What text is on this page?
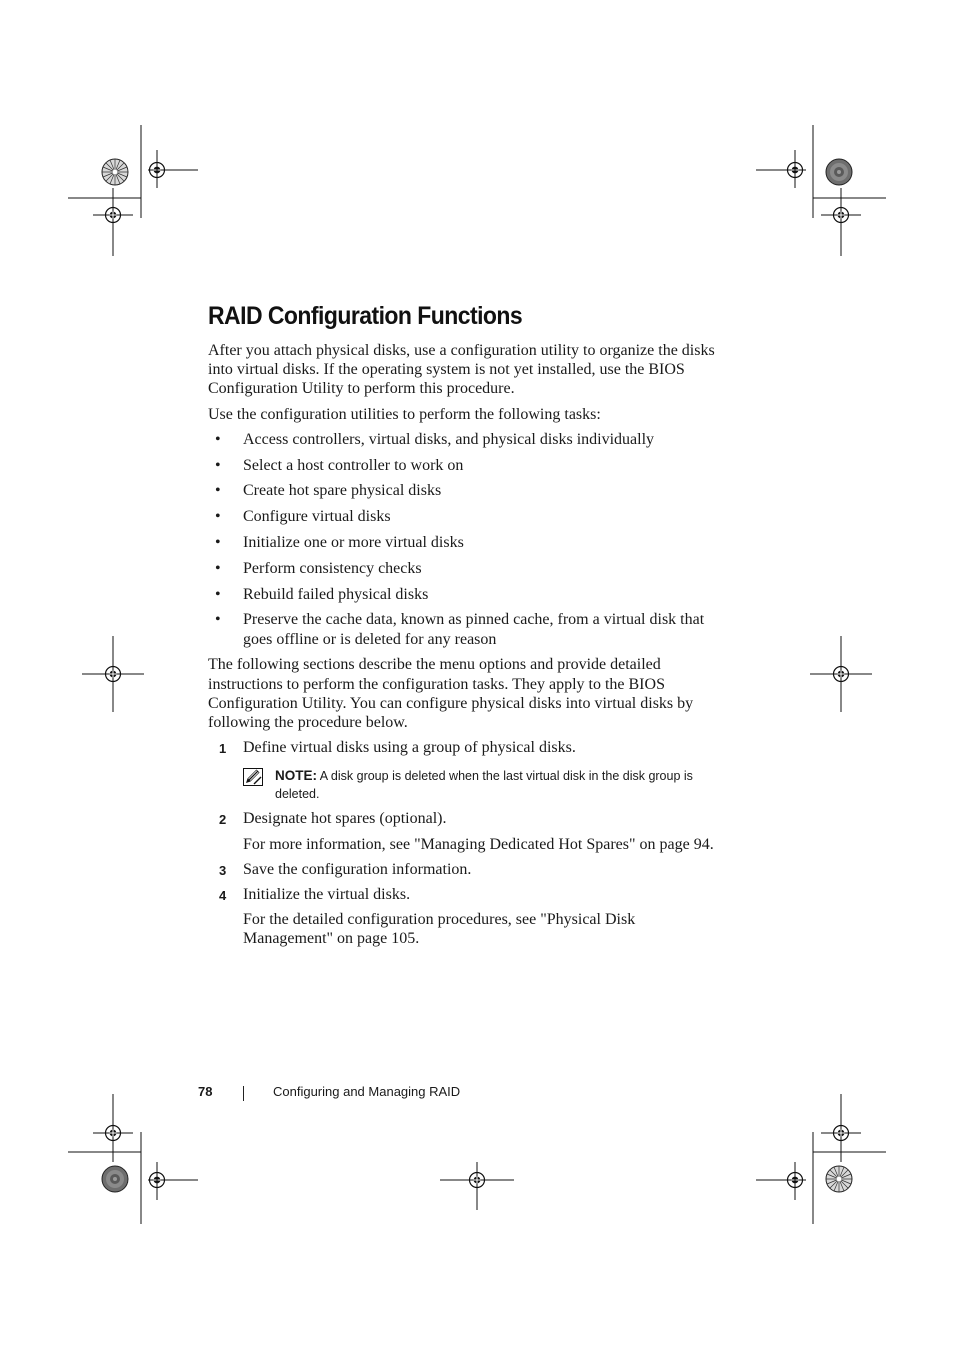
RAID Configuration Functions

After you attach physical disks, use a configuration utility to organize the disks into virtual disks. If the operating system is not yet installed, use the BIOS Configuration Utility to perform this procedure.

Use the configuration utilities to perform the following tasks:

• Access controllers, virtual disks, and physical disks individually
• Select a host controller to work on
• Create hot spare physical disks
• Configure virtual disks
• Initialize one or more virtual disks
• Perform consistency checks
• Rebuild failed physical disks
• Preserve the cache data, known as pinned cache, from a virtual disk that goes offline or is deleted for any reason

The following sections describe the menu options and provide detailed instructions to perform the configuration tasks. They apply to the BIOS Configuration Utility. You can configure physical disks into virtual disks by following the procedure below.

1 Define virtual disks using a group of physical disks.
NOTE: A disk group is deleted when the last virtual disk in the disk group is deleted.
2 Designate hot spares (optional).

For more information, see "Managing Dedicated Hot Spares" on page 94.

3 Save the configuration information.
4 Initialize the virtual disks.

For the detailed configuration procedures, see "Physical Disk Management" on page 105.

78	Configuring and Managing RAID
